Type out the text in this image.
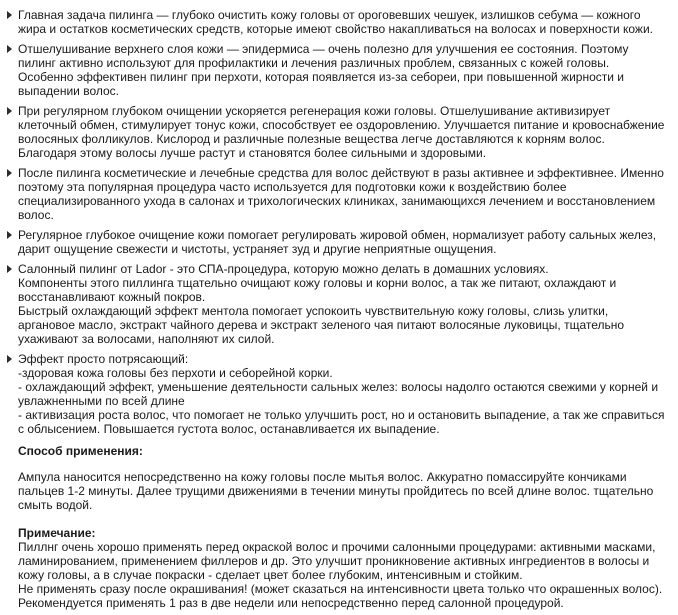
Главная задача пилинга — глубоко очистить кожу головы от ороговевших чешуек, излишков себума — кожного
жира и остатков косметических средств, которые имеют свойство накапливаться на волосах и поверхности кожи.
Отшелушивание верхнего слоя кожи — эпидермиса — очень полезно для улучшения ее состояния. Поэтому
пилинг активно используют для профилактики и лечения различных проблем, связанных с кожей головы.
Особенно эффективен пилинг при перхоти, которая появляется из-за себореи, при повышенной жирности и
выпадении волос.
При регулярном глубоком очищении ускоряется регенерация кожи головы. Отшелушивание активизирует
клеточный обмен, стимулирует тонус кожи, способствует ее оздоровлению. Улучшается питание и кровоснабжение
волосяных фолликулов. Кислород и различные полезные вещества легче доставляются к корням волос.
Благодаря этому волосы лучше растут и становятся более сильными и здоровыми.
После пилинга косметические и лечебные средства для волос действуют в разы активнее и эффективнее. Именно
поэтому эта популярная процедура часто используется для подготовки кожи к воздействию более
специализированного ухода в салонах и трихологических клиниках, занимающихся лечением и восстановлением
волос.
Регулярное глубокое очищение кожи помогает регулировать жировой обмен, нормализует работу сальных желез,
дарит ощущение свежести и чистоты, устраняет зуд и другие неприятные ощущения.
Салонный пилинг от Lador - это СПА-процедура, которую можно делать в домашних условиях.
Компоненты этого пиллинга тщательно очищают кожу головы и корни волос, а так же питают, охлаждают и
восстанавливают кожный покров.
Быстрый охлаждающий эффект ментола помогает успокоить чувствительную кожу головы, слизь улитки,
аргановое масло, экстракт чайного дерева и экстракт зеленого чая питают волосяные луковицы, тщательно
ухаживают за волосами, наполняют их силой.
Эффект просто потрясающий:
-здоровая кожа головы без перхоти и себорейной корки.
- охлаждающий эффект, уменьшение деятельности сальных желез: волосы надолго остаются свежими у корней и
увлажненными по всей длине
- активизация роста волос, что помогает не только улучшить рост, но и остановить выпадение, а так же справиться
с облысением. Повышается густота волос, останавливается их выпадение.
Способ применения:
Ампула наносится непосредственно на кожу головы после мытья волос. Аккуратно помассируйте кончиками
пальцев 1-2 минуты. Далее трущими движениями в течении минуты пройдитесь по всей длине волос. тщательно
смыть водой.
Примечание:
Пиллнг очень хорошо применять перед окраской волос и прочими салонными процедурами: активными масками,
ламинированием, применением филлеров и др. Это улучшит проникновение активных ингредиентов в волосы и
кожу головы, а в случае покраски - сделает цвет более глубоким, интенсивным и стойким.
Не применять сразу после окрашивания! (может сказаться на интенсивности цвета только что окрашенных волос).
Рекомендуется применять 1 раз в две недели или непосредственно перед салонной процедурой.
